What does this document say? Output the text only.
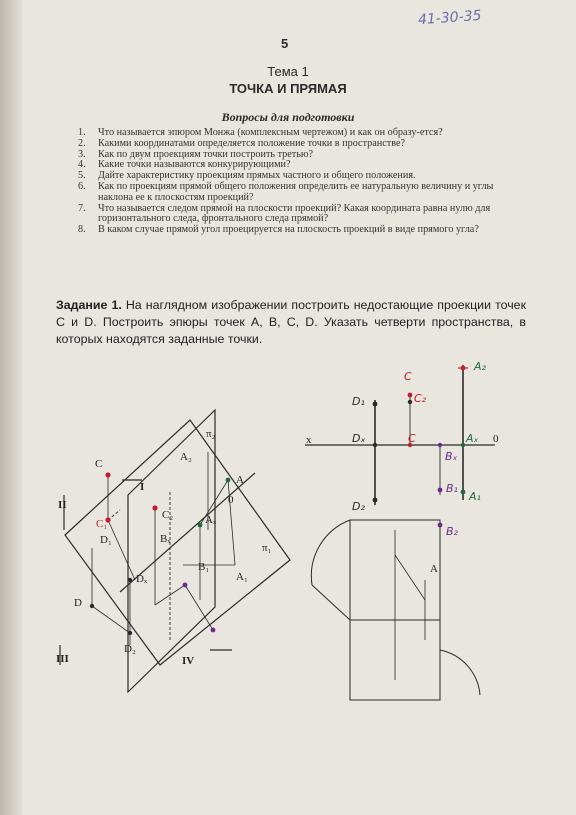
41-30-35
5
Тема 1
ТОЧКА И ПРЯМАЯ
Вопросы для подготовки
1. Что называется эпюром Монжа (комплексным чертежом) и как он образу-ется?
2. Какими координатами определяется положение точки в пространстве?
3. Как по двум проекциям точки построить третью?
4. Какие точки называются конкурирующими?
5. Дайте характеристику проекциям прямых частного и общего положения.
6. Как по проекциям прямой общего положения определить ее натуральную величину и углы наклона ее к плоскостям проекций?
7. Что называется следом прямой на плоскости проекций? Какая координата равна нулю для горизонтального следа, фронтального следа прямой?
8. В каком случае прямой угол проецируется на плоскость проекций в виде прямого угла?
Задание 1. На наглядном изображении построить недостающие проекции точек C и D. Построить эпюры точек A, B, C, D. Указать четверти пространства, в которых находятся заданные точки.
π₂
π₁
I
II
III	IV
C
C₁
C₂
D₁
D
Dₓ
D₂
A₂
A
A₁
Aₓ
Bₓ
B₁
0
A₂
C
C₂
D₁
x	Dₓ	C	Aₓ 0
Bₓ
D₂
B₁
A₁
B₂
A
